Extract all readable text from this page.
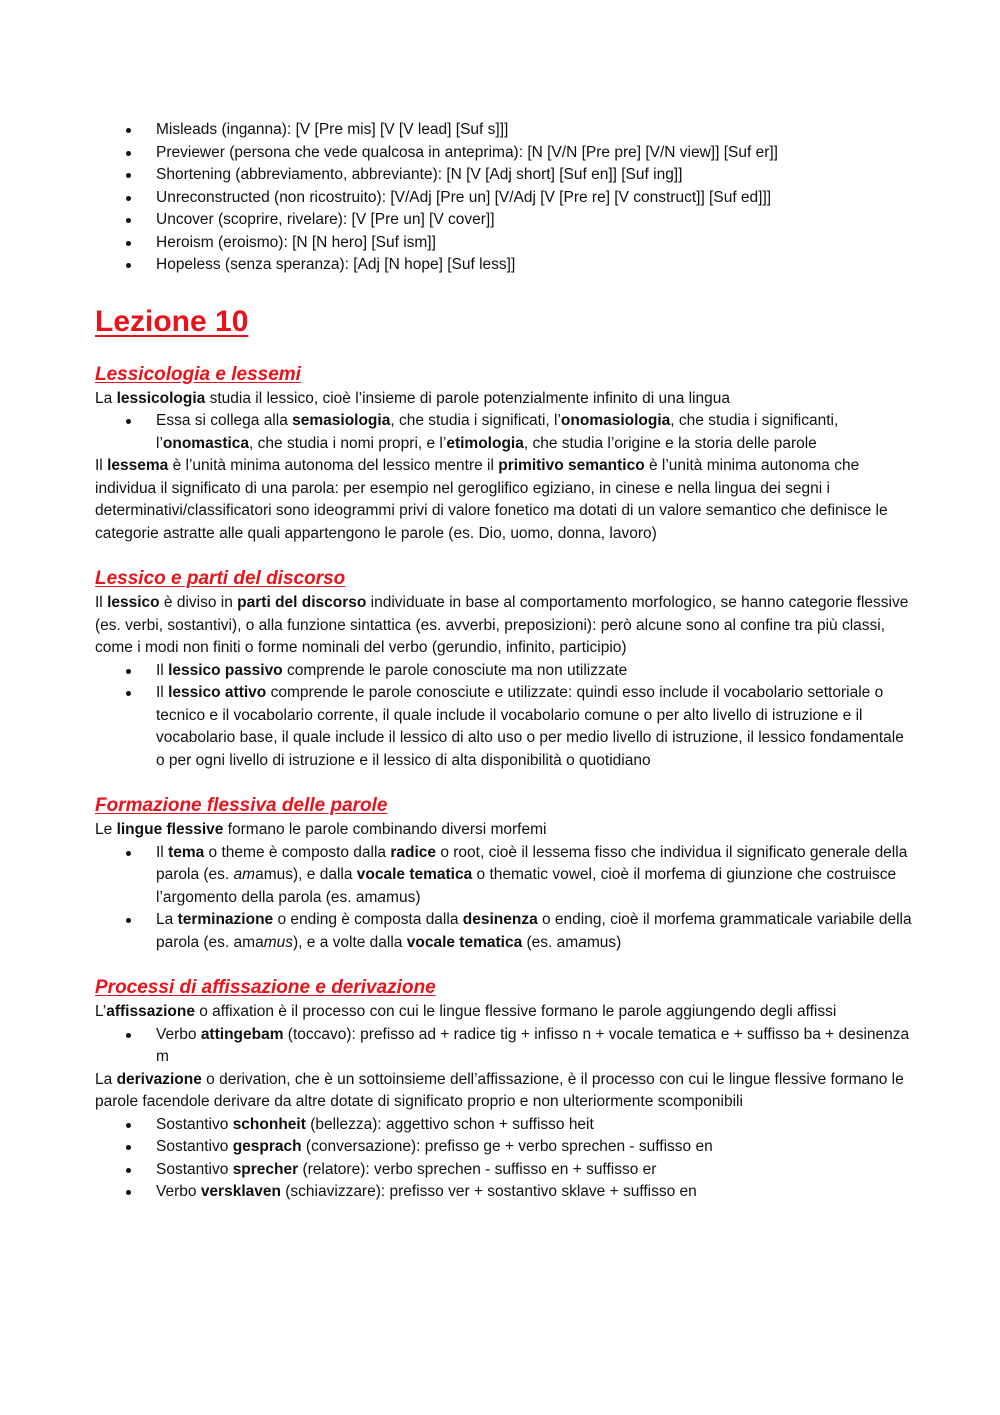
Misleads (inganna): [V [Pre mis] [V [V lead] [Suf s]]]
Previewer (persona che vede qualcosa in anteprima): [N [V/N [Pre pre] [V/N view]] [Suf er]]
Shortening (abbreviamento, abbreviante): [N [V [Adj short] [Suf en]] [Suf ing]]
Unreconstructed (non ricostruito): [V/Adj [Pre un] [V/Adj [V [Pre re] [V construct]] [Suf ed]]]
Uncover (scoprire, rivelare): [V [Pre un] [V cover]]
Heroism (eroismo): [N [N hero] [Suf ism]]
Hopeless (senza speranza): [Adj [N hope] [Suf less]]
Lezione 10
Lessicologia e lessemi

La lessicologia studia il lessico, cioè l’insieme di parole potenzialmente infinito di una lingua

Essa si collega alla semasiologia, che studia i significati, l’onomasiologia, che studia i significanti, l’onomastica, che studia i nomi propri, e l’etimologia, che studia l’origine e la storia delle parole

Il lessema è l’unità minima autonoma del lessico mentre il primitivo semantico è l’unità minima autonoma che individua il significato di una parola: per esempio nel geroglifico egiziano, in cinese e nella lingua dei segni i determinativi/classificatori sono ideogrammi privi di valore fonetico ma dotati di un valore semantico che definisce le categorie astratte alle quali appartengono le parole (es. Dio, uomo, donna, lavoro)

Lessico e parti del discorso

Il lessico è diviso in parti del discorso individuate in base al comportamento morfologico, se hanno categorie flessive (es. verbi, sostantivi), o alla funzione sintattica (es. avverbi, preposizioni): però alcune sono al confine tra più classi, come i modi non finiti o forme nominali del verbo (gerundio, infinito, participio)

Il lessico passivo comprende le parole conosciute ma non utilizzate
Il lessico attivo comprende le parole conosciute e utilizzate: quindi esso include il vocabolario settoriale o tecnico e il vocabolario corrente, il quale include il vocabolario comune o per alto livello di istruzione e il vocabolario base, il quale include il lessico di alto uso o per medio livello di istruzione, il lessico fondamentale o per ogni livello di istruzione e il lessico di alta disponibilità o quotidiano
Formazione flessiva delle parole

Le lingue flessive formano le parole combinando diversi morfemi

Il tema o theme è composto dalla radice o root, cioè il lessema fisso che individua il significato generale della parola (es. amamus), e dalla vocale tematica o thematic vowel, cioè il morfema di giunzione che costruisce l’argomento della parola (es. amamus)
La terminazione o ending è composta dalla desinenza o ending, cioè il morfema grammaticale variabile della parola (es. amamus), e a volte dalla vocale tematica (es. amamus)
Processi di affissazione e derivazione

L’affissazione o affixation è il processo con cui le lingue flessive formano le parole aggiungendo degli affissi

Verbo attingebam (toccavo): prefisso ad + radice tig + infisso n + vocale tematica e + suffisso ba + desinenza m

La derivazione o derivation, che è un sottoinsieme dell’affissazione, è il processo con cui le lingue flessive formano le parole facendole derivare da altre dotate di significato proprio e non ulteriormente scomponibili

Sostantivo schonheit (bellezza): aggettivo schon + suffisso heit
Sostantivo gesprach (conversazione): prefisso ge + verbo sprechen - suffisso en
Sostantivo sprecher (relatore): verbo sprechen - suffisso en + suffisso er
Verbo versklaven (schiavizzare): prefisso ver + sostantivo sklave + suffisso en
